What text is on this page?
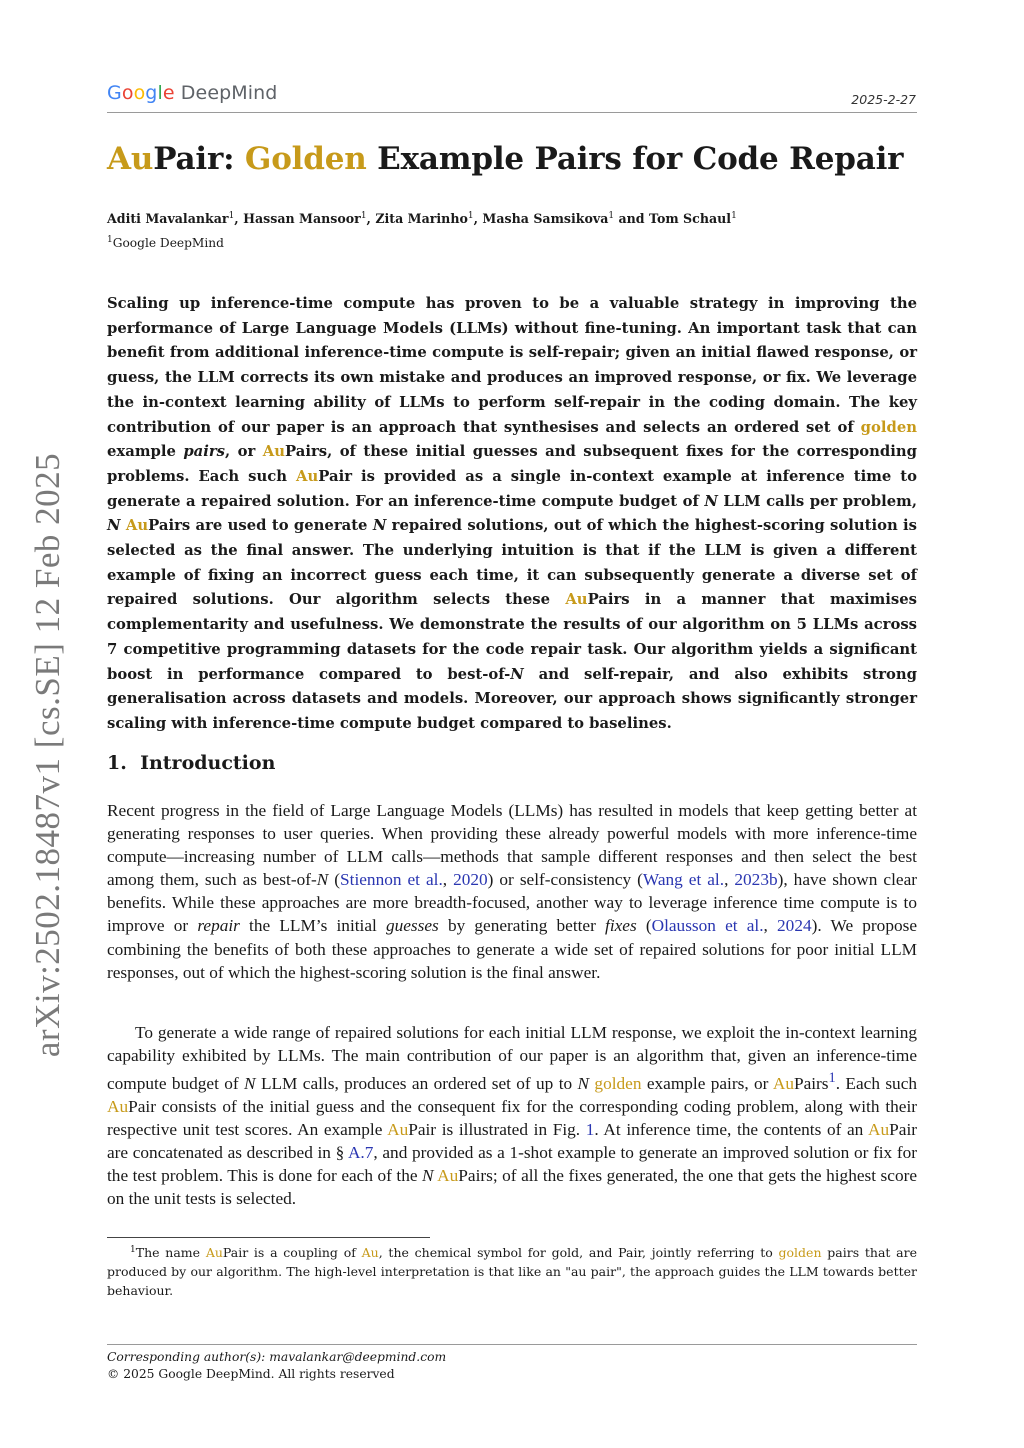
Google DeepMind	2025-2-27
arXiv:2502.18487v1 [cs.SE] 12 Feb 2025
AuPair: Golden Example Pairs for Code Repair
Aditi Mavalankar$^1$, Hassan Mansoor$^1$, Zita Marinho$^1$, Masha Samsikova$^1$ and Tom Schaul$^1$
$^1$Google DeepMind

Scaling up inference-time compute has proven to be a valuable strategy in improving the performance of Large Language Models (LLMs) without fine-tuning. An important task that can benefit from additional inference-time compute is self-repair; given an initial flawed response, or guess, the LLM corrects its own mistake and produces an improved response, or fix. We leverage the in-context learning ability of LLMs to perform self-repair in the coding domain. The key contribution of our paper is an approach that synthesises and selects an ordered set of golden example pairs, or AuPairs, of these initial guesses and subsequent fixes for the corresponding problems. Each such AuPair is provided as a single in-context example at inference time to generate a repaired solution. For an inference-time compute budget of N LLM calls per problem, N AuPairs are used to generate N repaired solutions, out of which the highest-scoring solution is selected as the final answer. The underlying intuition is that if the LLM is given a different example of fixing an incorrect guess each time, it can subsequently generate a diverse set of repaired solutions. Our algorithm selects these AuPairs in a manner that maximises complementarity and usefulness. We demonstrate the results of our algorithm on 5 LLMs across 7 competitive programming datasets for the code repair task. Our algorithm yields a significant boost in performance compared to best-of-N and self-repair, and also exhibits strong generalisation across datasets and models. Moreover, our approach shows significantly stronger scaling with inference-time compute budget compared to baselines.

1. Introduction

Recent progress in the field of Large Language Models (LLMs) has resulted in models that keep getting better at generating responses to user queries. When providing these already powerful models with more inference-time compute—increasing number of LLM calls—methods that sample different responses and then select the best among them, such as best-of-N (Stiennon et al., 2020) or self-consistency (Wang et al., 2023b), have shown clear benefits. While these approaches are more breadth-focused, another way to leverage inference time compute is to improve or repair the LLM’s initial guesses by generating better fixes (Olausson et al., 2024). We propose combining the benefits of both these approaches to generate a wide set of repaired solutions for poor initial LLM responses, out of which the highest-scoring solution is the final answer.

To generate a wide range of repaired solutions for each initial LLM response, we exploit the in-context learning capability exhibited by LLMs. The main contribution of our paper is an algorithm that, given an inference-time compute budget of N LLM calls, produces an ordered set of up to N golden example pairs, or AuPairs$^1$. Each such AuPair consists of the initial guess and the consequent fix for the corresponding coding problem, along with their respective unit test scores. An example AuPair is illustrated in Fig. 1. At inference time, the contents of an AuPair are concatenated as described in § A.7, and provided as a 1-shot example to generate an improved solution or fix for the test problem. This is done for each of the N AuPairs; of all the fixes generated, the one that gets the highest score on the unit tests is selected.

$^1$The name AuPair is a coupling of Au, the chemical symbol for gold, and Pair, jointly referring to golden pairs that are produced by our algorithm. The high-level interpretation is that like an "au pair", the approach guides the LLM towards better behaviour.

Corresponding author(s): mavalankar@deepmind.com
© 2025 Google DeepMind. All rights reserved
